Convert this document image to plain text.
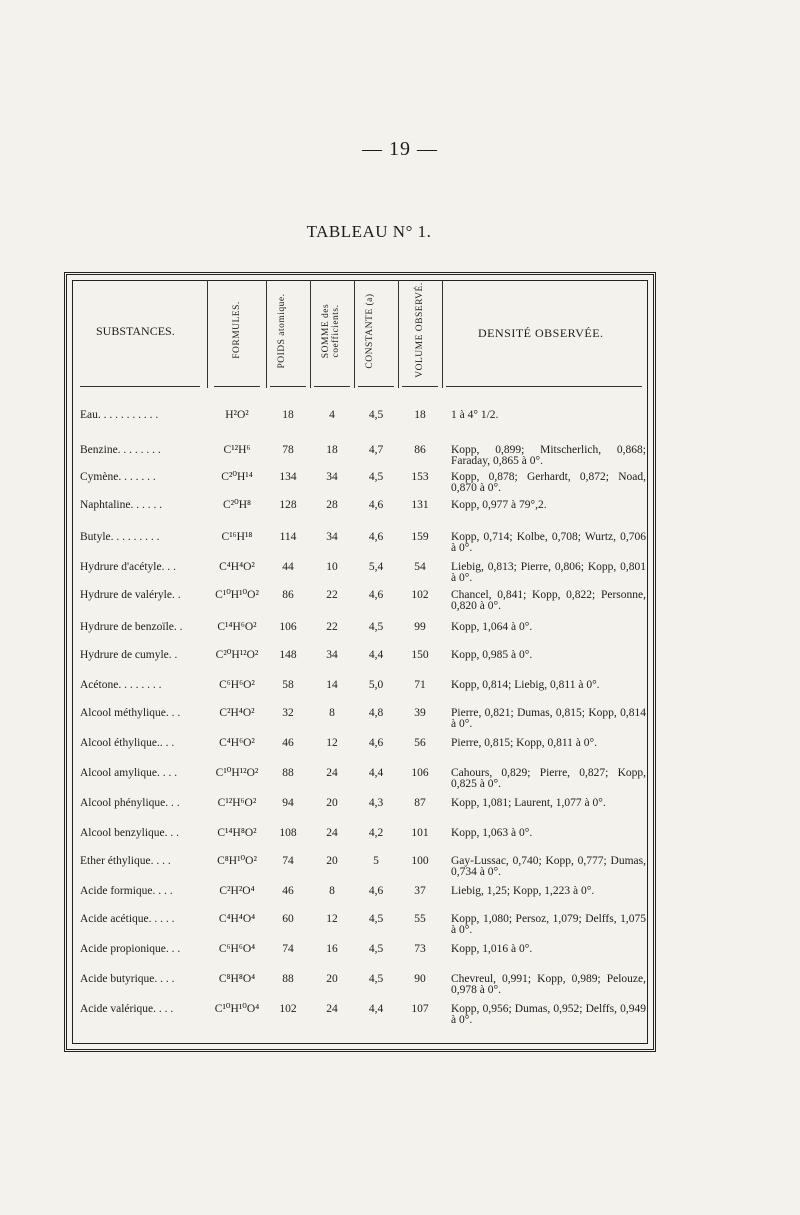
— 19 —
TABLEAU N° 1.
SUBSTANCES.	FORMULES.	POIDS atomique.	SOMME des coefficients.	CONSTANTE (a)	VOLUME OBSERVÉ.	DENSITÉ OBSERVÉE.
Eau. . . . . . . . . . .	H²O²	18	4	4,5	18	1 à 4° 1/2.
Benzine. . . . . . . .	C¹²H⁶	78	18	4,7	86	Kopp, 0,899; Mitscherlich, 0,868; Faraday, 0,865 à 0°.
Cymène. . . . . . .	C²⁰H¹⁴	134	34	4,5	153	Kopp, 0,878; Gerhardt, 0,872; Noad, 0,870 à 0°.
Naphtaline. . . . . .	C²⁰H⁸	128	28	4,6	131	Kopp, 0,977 à 79°,2.
Butyle. . . . . . . . .	C¹⁶H¹⁸	114	34	4,6	159	Kopp, 0,714; Kolbe, 0,708; Wurtz, 0,706 à 0°.
Hydrure d'acétyle. . .	C⁴H⁴O²	44	10	5,4	54	Liebig, 0,813; Pierre, 0,806; Kopp, 0,801 à 0°.
Hydrure de valéryle. .	C¹⁰H¹⁰O²	86	22	4,6	102	Chancel, 0,841; Kopp, 0,822; Personne, 0,820 à 0°.
Hydrure de benzoïle. .	C¹⁴H⁶O²	106	22	4,5	99	Kopp, 1,064 à 0°.
Hydrure de cumyle. .	C²⁰H¹²O²	148	34	4,4	150	Kopp, 0,985 à 0°.
Acétone. . . . . . . .	C⁶H⁶O²	58	14	5,0	71	Kopp, 0,814; Liebig, 0,811 à 0°.
Alcool méthylique. . .	C²H⁴O²	32	8	4,8	39	Pierre, 0,821; Dumas, 0,815; Kopp, 0,814 à 0°.
Alcool éthylique.. . .	C⁴H⁶O²	46	12	4,6	56	Pierre, 0,815; Kopp, 0,811 à 0°.
Alcool amylique. . . .	C¹⁰H¹²O²	88	24	4,4	106	Cahours, 0,829; Pierre, 0,827; Kopp, 0,825 à 0°.
Alcool phénylique. . .	C¹²H⁶O²	94	20	4,3	87	Kopp, 1,081; Laurent, 1,077 à 0°.
Alcool benzylique. . .	C¹⁴H⁸O²	108	24	4,2	101	Kopp, 1,063 à 0°.
Éther éthylique. . . .	C⁸H¹⁰O²	74	20	5	100	Gay-Lussac, 0,740; Kopp, 0,777; Dumas, 0,734 à 0°.
Acide formique. . . .	C²H²O⁴	46	8	4,6	37	Liebig, 1,25; Kopp, 1,223 à 0°.
Acide acétique. . . . .	C⁴H⁴O⁴	60	12	4,5	55	Kopp, 1,080; Persoz, 1,079; Delffs, 1,075 à 0°.
Acide propionique. . .	C⁶H⁶O⁴	74	16	4,5	73	Kopp, 1,016 à 0°.
Acide butyrique. . . .	C⁸H⁸O⁴	88	20	4,5	90	Chevreul, 0,991; Kopp, 0,989; Pelouze, 0,978 à 0°.
Acide valérique. . . .	C¹⁰H¹⁰O⁴	102	24	4,4	107	Kopp, 0,956; Dumas, 0,952; Delffs, 0,949 à 0°.
